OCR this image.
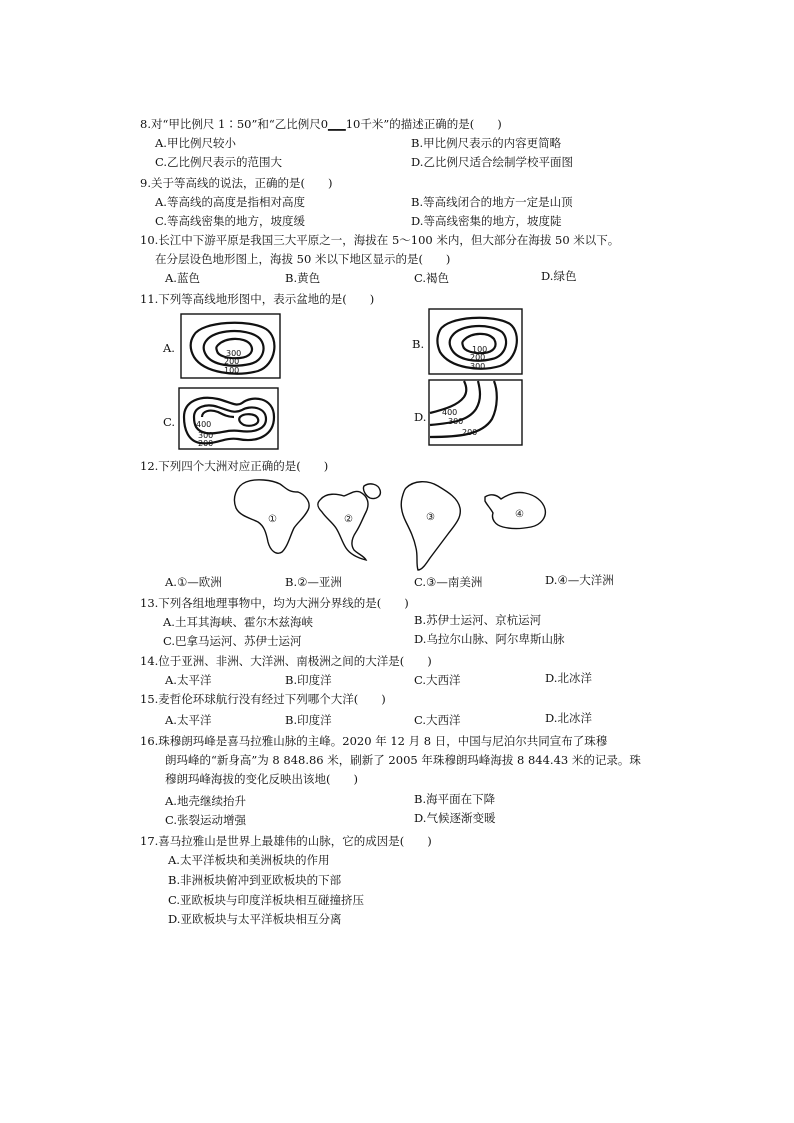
8.对“甲比例尺 1∶50”和“乙比例尺0▁▁10千米”的描述正确的是(　　)
A.甲比例尺较小	B.甲比例尺表示的内容更简略
C.乙比例尺表示的范围大	D.乙比例尺适合绘制学校平面图
9.关于等高线的说法，正确的是(　　)
A.等高线的高度是指相对高度	B.等高线闭合的地方一定是山顶
C.等高线密集的地方，坡度缓	D.等高线密集的地方，坡度陡
10.长江中下游平原是我国三大平原之一，海拔在 5～100 米内，但大部分在海拔 50 米以下。
在分层设色地形图上，海拔 50 米以下地区显示的是(　　)
A.蓝色	B.黄色	C.褐色	D.绿色
11.下列等高线地形图中，表示盆地的是(　　)
A.	300
200
100
B.	100
200
300
C.	400
300
200
D. 400
300
200
12.下列四个大洲对应正确的是(　　)
①	②	③	④
A.①—欧洲	B.②—亚洲	C.③—南美洲	D.④—大洋洲
13.下列各组地理事物中，均为大洲分界线的是(　　)
A.土耳其海峡、霍尔木兹海峡	B.苏伊士运河、京杭运河
C.巴拿马运河、苏伊士运河	D.乌拉尔山脉、阿尔卑斯山脉
14.位于亚洲、非洲、大洋洲、南极洲之间的大洋是(　　)
A.太平洋	B.印度洋	C.大西洋	D.北冰洋
15.麦哲伦环球航行没有经过下列哪个大洋(　　)
A.太平洋	B.印度洋	C.大西洋	D.北冰洋
16.珠穆朗玛峰是喜马拉雅山脉的主峰。2020 年 12 月 8 日，中国与尼泊尔共同宣布了珠穆
朗玛峰的“新身高”为 8 848.86 米，刷新了 2005 年珠穆朗玛峰海拔 8 844.43 米的记录。珠
穆朗玛峰海拔的变化反映出该地(　　)
A.地壳继续抬升	B.海平面在下降
C.张裂运动增强	D.气候逐渐变暖
17.喜马拉雅山是世界上最雄伟的山脉，它的成因是(　　)
A.太平洋板块和美洲板块的作用
B.非洲板块俯冲到亚欧板块的下部
C.亚欧板块与印度洋板块相互碰撞挤压
D.亚欧板块与太平洋板块相互分离
